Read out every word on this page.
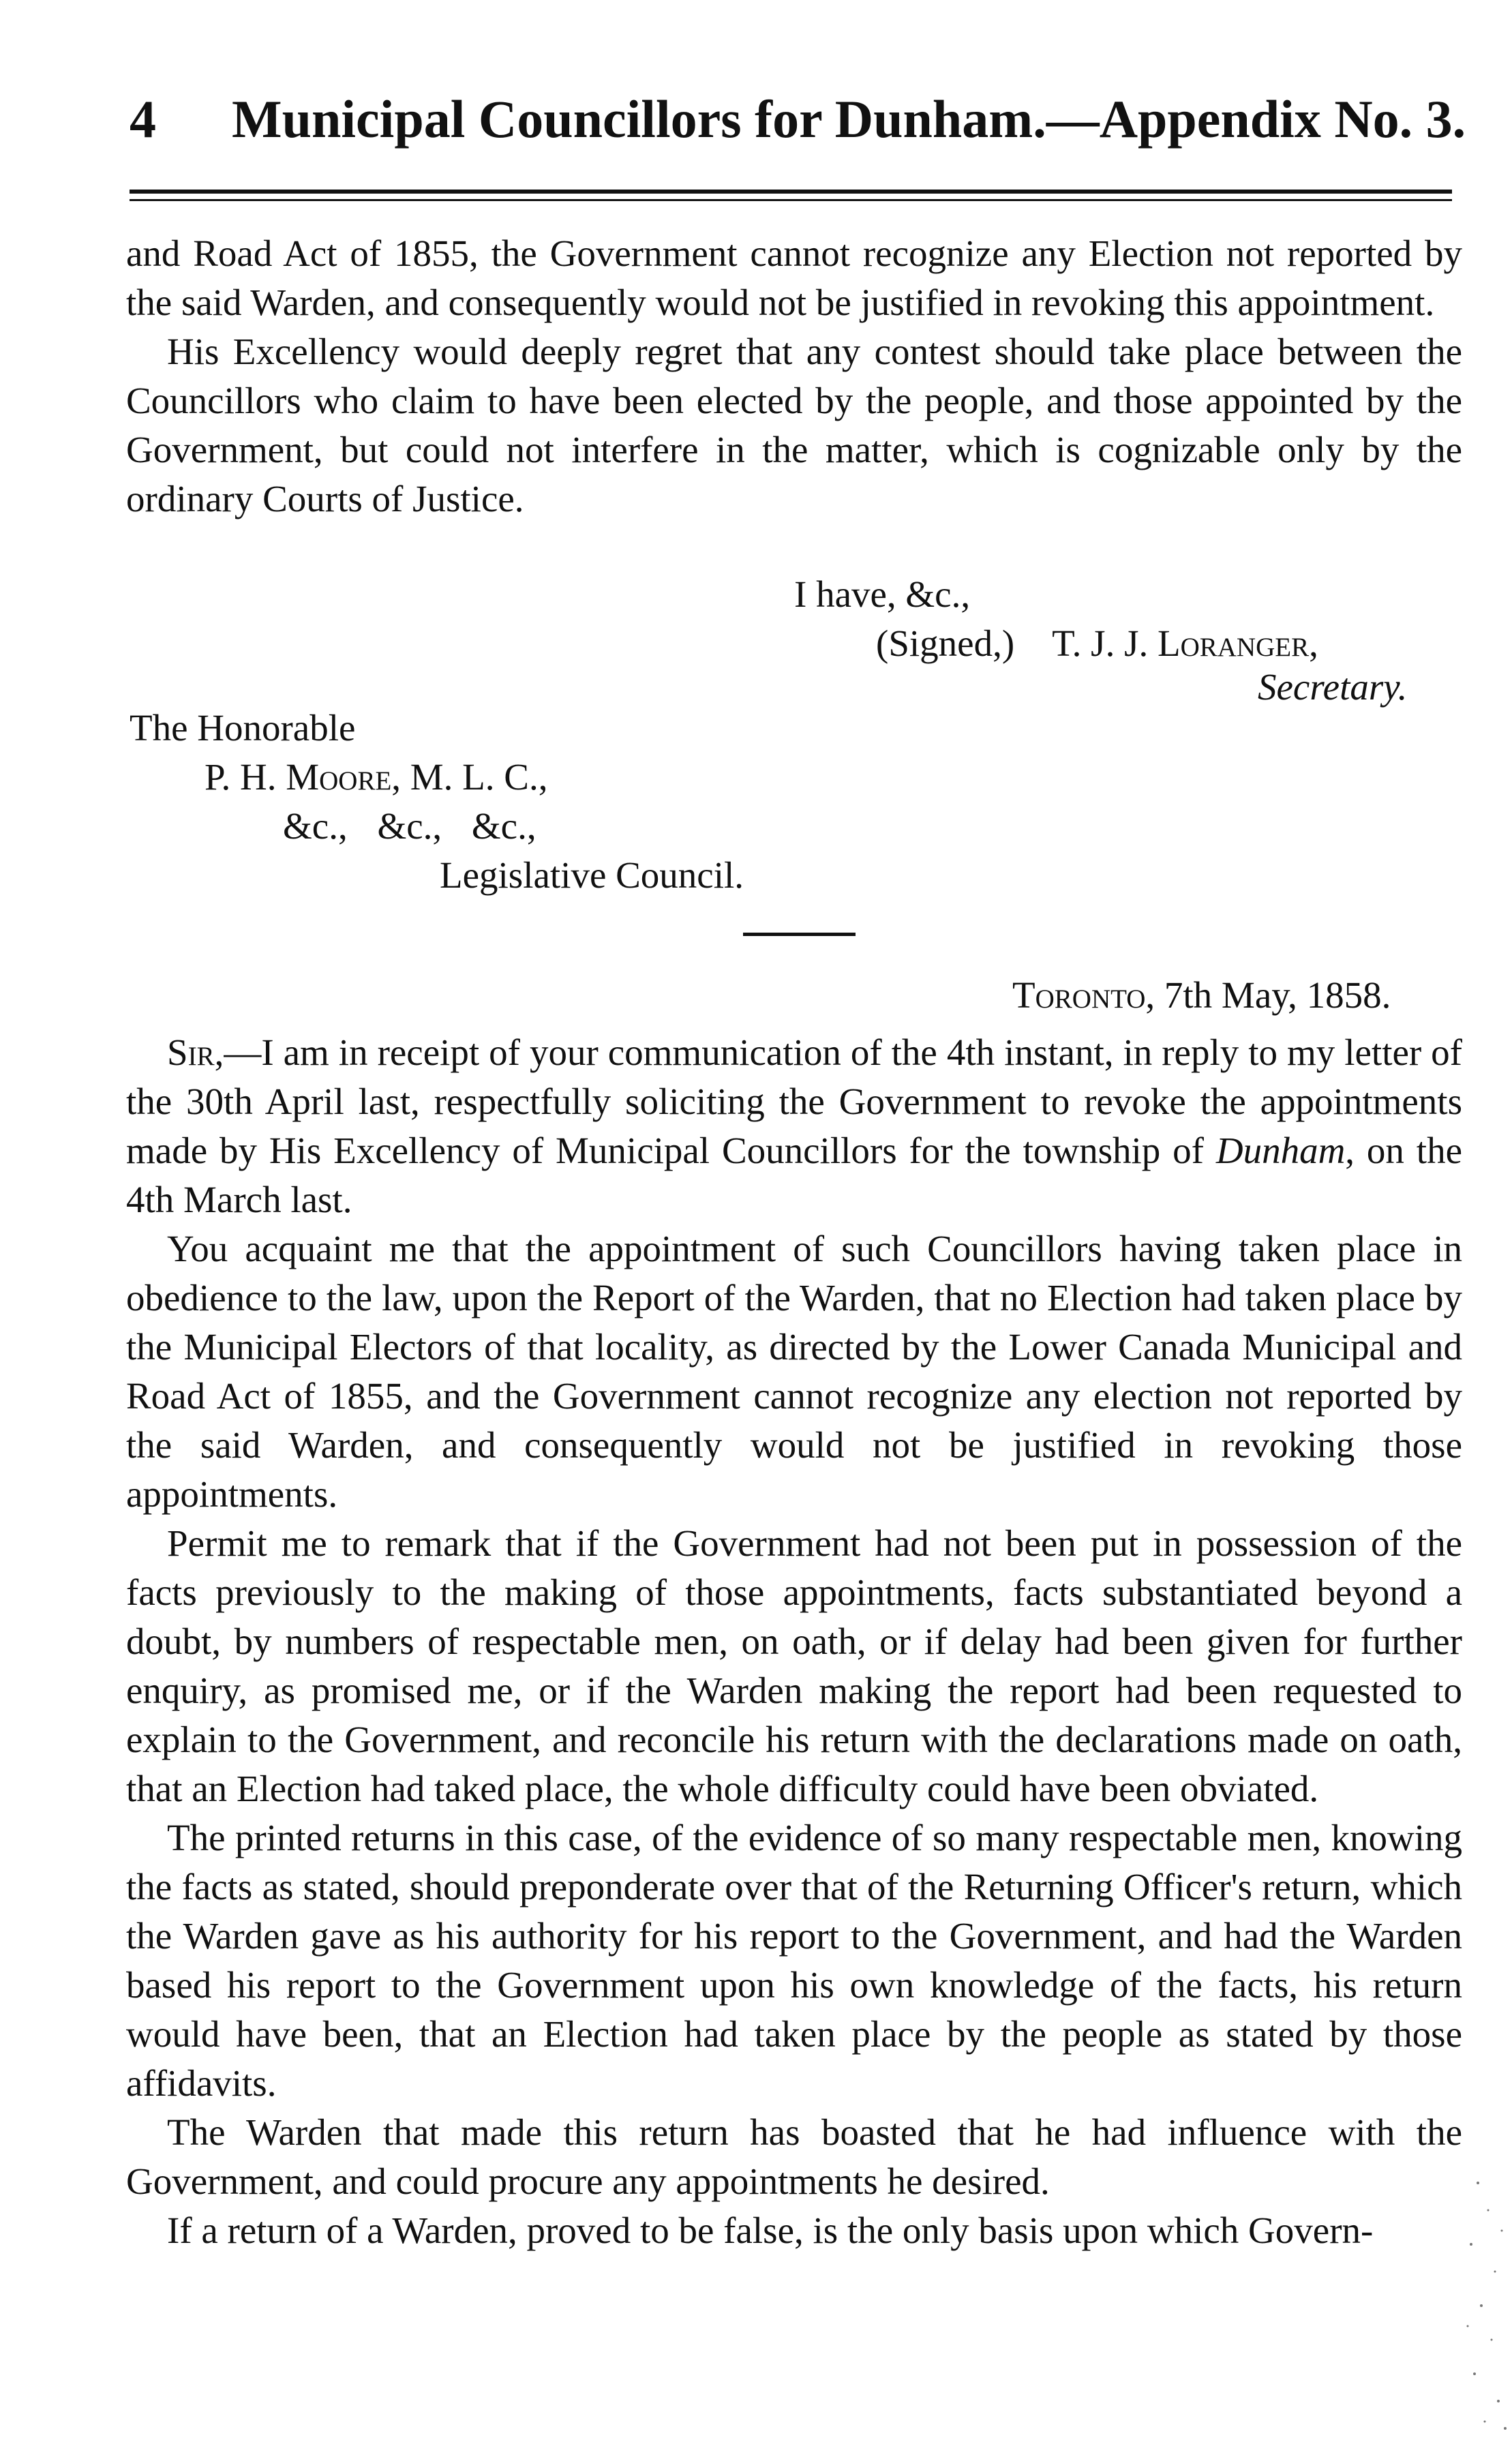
4 Municipal Councillors for Dunham.—Appendix No. 3.

and Road Act of 1855, the Government cannot recognize any Election not reported by the said Warden, and consequently would not be justified in revoking this appointment.

His Excellency would deeply regret that any contest should take place between the Councillors who claim to have been elected by the people, and those appointed by the Government, but could not interfere in the matter, which is cognizable only by the ordinary Courts of Justice.

I have, &c.,
(Signed,) T. J. J. Loranger,
Secretary.
The Honorable
P. H. Moore, M. L. C.,
&c., &c., &c.,
Legislative Council.
Toronto, 7th May, 1858.

Sir,—I am in receipt of your communication of the 4th instant, in reply to my letter of the 30th April last, respectfully soliciting the Government to revoke the appointments made by His Excellency of Municipal Councillors for the township of Dunham, on the 4th March last.

You acquaint me that the appointment of such Councillors having taken place in obedience to the law, upon the Report of the Warden, that no Election had taken place by the Municipal Electors of that locality, as directed by the Lower Canada Municipal and Road Act of 1855, and the Government cannot recognize any election not reported by the said Warden, and consequently would not be justified in revoking those appointments.

Permit me to remark that if the Government had not been put in possession of the facts previously to the making of those appointments, facts substantiated beyond a doubt, by numbers of respectable men, on oath, or if delay had been given for further enquiry, as promised me, or if the Warden making the report had been requested to explain to the Government, and reconcile his return with the declarations made on oath, that an Election had taked place, the whole difficulty could have been obviated.

The printed returns in this case, of the evidence of so many respectable men, knowing the facts as stated, should preponderate over that of the Returning Officer's return, which the Warden gave as his authority for his report to the Government, and had the Warden based his report to the Government upon his own knowledge of the facts, his return would have been, that an Election had taken place by the people as stated by those affidavits.

The Warden that made this return has boasted that he had influence with the Government, and could procure any appointments he desired.

If a return of a Warden, proved to be false, is the only basis upon which Govern-
